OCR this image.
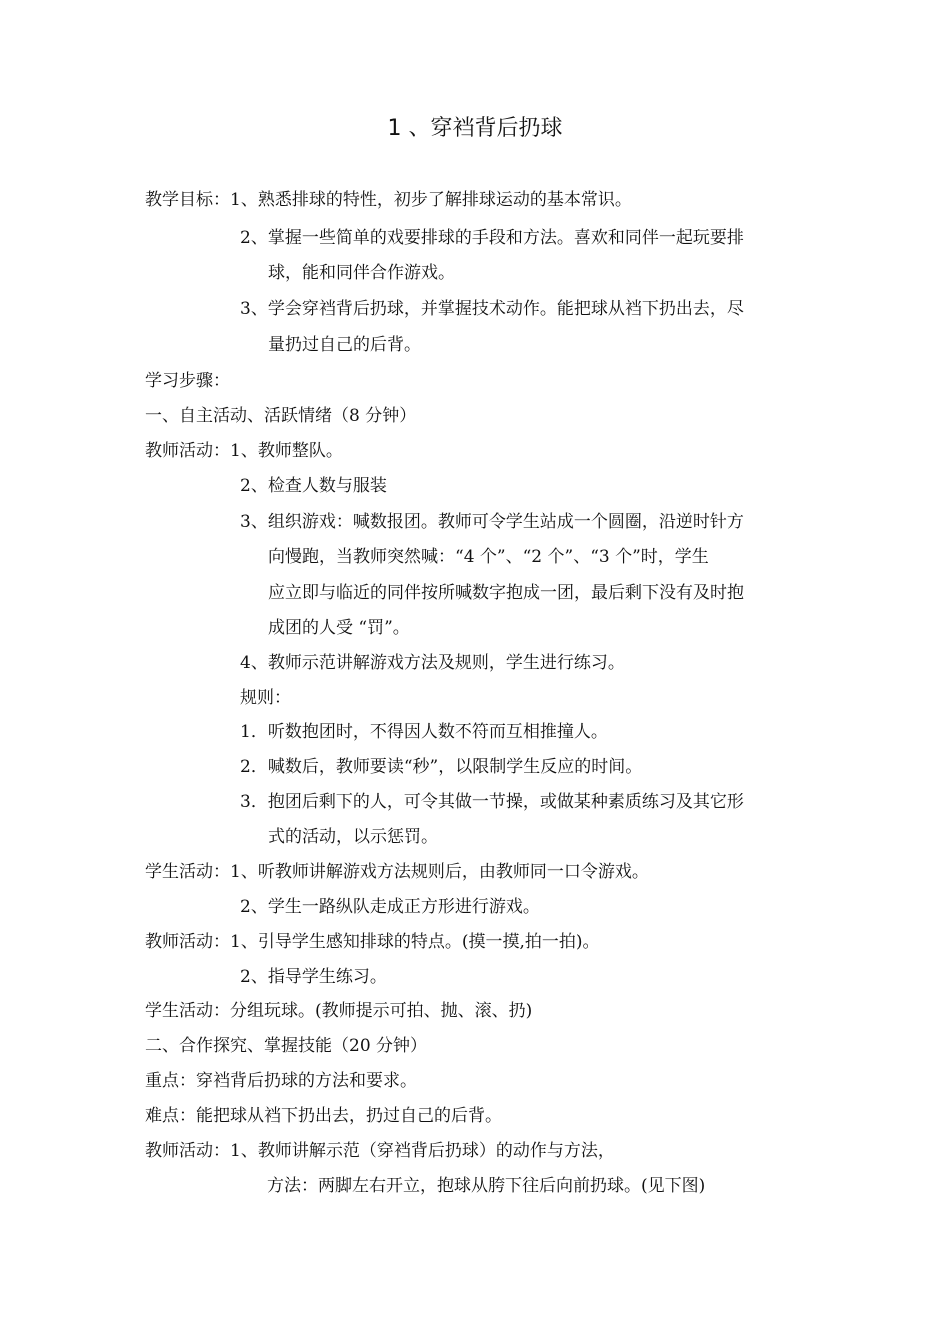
1 、穿裆背后扔球
教学目标：1、熟悉排球的特性，初步了解排球运动的基本常识。
2、掌握一些简单的戏要排球的手段和方法。喜欢和同伴一起玩要排
球，能和同伴合作游戏。
3、学会穿裆背后扔球，并掌握技术动作。能把球从裆下扔出去，尽
量扔过自己的后背。
学习步骤：
一、自主活动、活跃情绪（8 分钟）
教师活动：1、教师整队。
2、检查人数与服装
3、组织游戏：喊数报团。教师可令学生站成一个圆圈，沿逆时针方
向慢跑，当教师突然喊：“4 个”、“2 个”、“3 个”时，学生
应立即与临近的同伴按所喊数字抱成一团，最后剩下没有及时抱
成团的人受 “罚”。
4、教师示范讲解游戏方法及规则，学生进行练习。
规则：
1．听数抱团时，不得因人数不符而互相推撞人。
2．喊数后，教师要读“秒”，以限制学生反应的时间。
3．抱团后剩下的人，可令其做一节操，或做某种素质练习及其它形
式的活动，以示惩罚。
学生活动：1、听教师讲解游戏方法规则后，由教师同一口令游戏。
2、学生一路纵队走成正方形进行游戏。
教师活动：1、引导学生感知排球的特点。(摸一摸,拍一拍)。
2、指导学生练习。
学生活动：分组玩球。(教师提示可拍、抛、滚、扔)
二、合作探究、掌握技能（20 分钟）
重点：穿裆背后扔球的方法和要求。
难点：能把球从裆下扔出去，扔过自己的后背。
教师活动：1、教师讲解示范（穿裆背后扔球）的动作与方法，
方法：两脚左右开立，抱球从胯下往后向前扔球。(见下图)
